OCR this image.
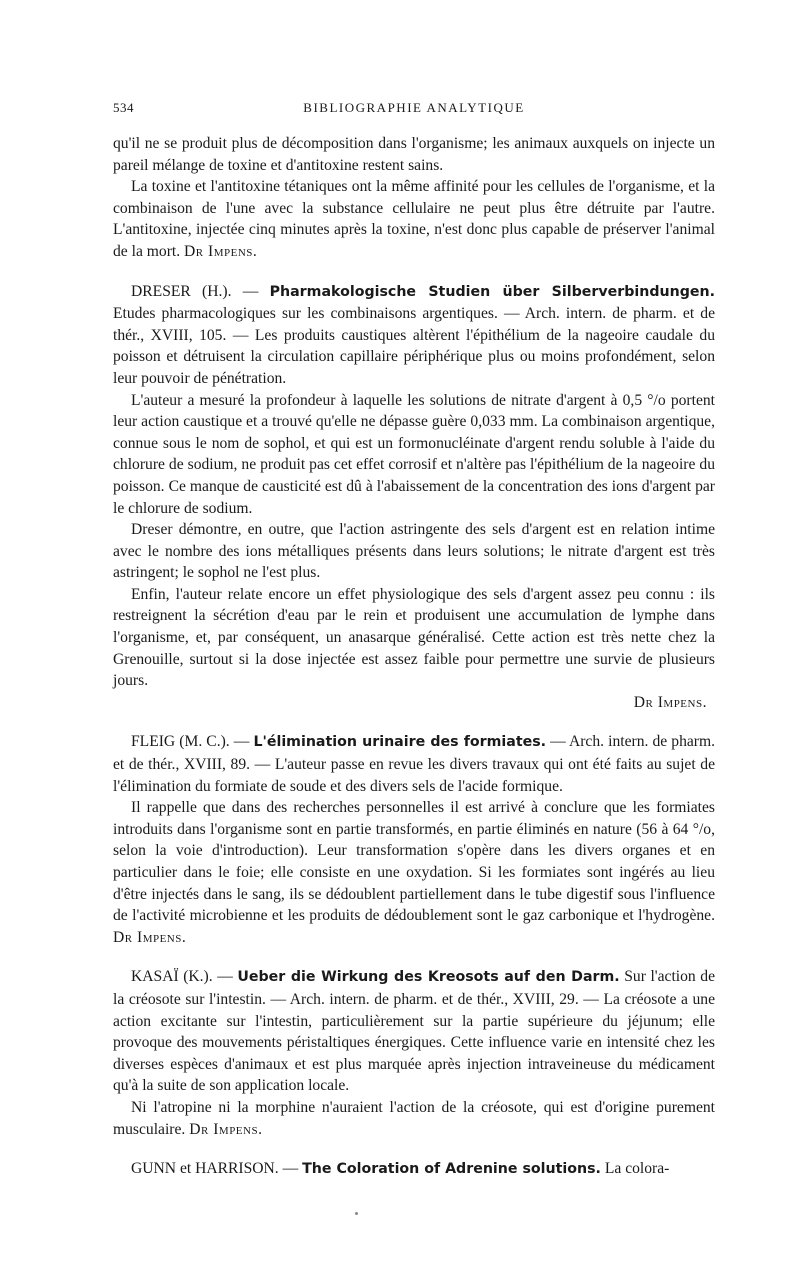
534	BIBLIOGRAPHIE ANALYTIQUE

qu'il ne se produit plus de décomposition dans l'organisme; les animaux auxquels on injecte un pareil mélange de toxine et d'antitoxine restent sains.

La toxine et l'antitoxine tétaniques ont la même affinité pour les cellules de l'organisme, et la combinaison de l'une avec la substance cellulaire ne peut plus être détruite par l'autre. L'antitoxine, injectée cinq minutes après la toxine, n'est donc plus capable de préserver l'animal de la mort. Dr Impens.

DRESER (H.). — Pharmakologische Studien über Silberverbindungen. Etudes pharmacologiques sur les combinaisons argentiques. — Arch. intern. de pharm. et de thér., XVIII, 105. — Les produits caustiques altèrent l'épithélium de la nageoire caudale du poisson et détruisent la circulation capillaire périphérique plus ou moins profondément, selon leur pouvoir de pénétration.

L'auteur a mesuré la profondeur à laquelle les solutions de nitrate d'argent à 0,5 °/o portent leur action caustique et a trouvé qu'elle ne dépasse guère 0,033 mm. La combinaison argentique, connue sous le nom de sophol, et qui est un formonucléinate d'argent rendu soluble à l'aide du chlorure de sodium, ne produit pas cet effet corrosif et n'altère pas l'épithélium de la nageoire du poisson. Ce manque de causticité est dû à l'abaissement de la concentration des ions d'argent par le chlorure de sodium.

Dreser démontre, en outre, que l'action astringente des sels d'argent est en relation intime avec le nombre des ions métalliques présents dans leurs solutions; le nitrate d'argent est très astringent; le sophol ne l'est plus.

Enfin, l'auteur relate encore un effet physiologique des sels d'argent assez peu connu : ils restreignent la sécrétion d'eau par le rein et produisent une accumulation de lymphe dans l'organisme, et, par conséquent, un anasarque généralisé. Cette action est très nette chez la Grenouille, surtout si la dose injectée est assez faible pour permettre une survie de plusieurs jours.

Dr Impens.

FLEIG (M. C.). — L'élimination urinaire des formiates. — Arch. intern. de pharm. et de thér., XVIII, 89. — L'auteur passe en revue les divers travaux qui ont été faits au sujet de l'élimination du formiate de soude et des divers sels de l'acide formique.

Il rappelle que dans des recherches personnelles il est arrivé à conclure que les formiates introduits dans l'organisme sont en partie transformés, en partie éliminés en nature (56 à 64 °/o, selon la voie d'introduction). Leur transformation s'opère dans les divers organes et en particulier dans le foie; elle consiste en une oxydation. Si les formiates sont ingérés au lieu d'être injectés dans le sang, ils se dédoublent partiellement dans le tube digestif sous l'influence de l'activité microbienne et les produits de dédoublement sont le gaz carbonique et l'hydrogène. Dr Impens.

KASAÏ (K.). — Ueber die Wirkung des Kreosots auf den Darm. Sur l'action de la créosote sur l'intestin. — Arch. intern. de pharm. et de thér., XVIII, 29. — La créosote a une action excitante sur l'intestin, particulièrement sur la partie supérieure du jéjunum; elle provoque des mouvements péristaltiques énergiques. Cette influence varie en intensité chez les diverses espèces d'animaux et est plus marquée après injection intraveineuse du médicament qu'à la suite de son application locale.

Ni l'atropine ni la morphine n'auraient l'action de la créosote, qui est d'origine purement musculaire. Dr Impens.

GUNN et HARRISON. — The Coloration of Adrenine solutions. La colora-
